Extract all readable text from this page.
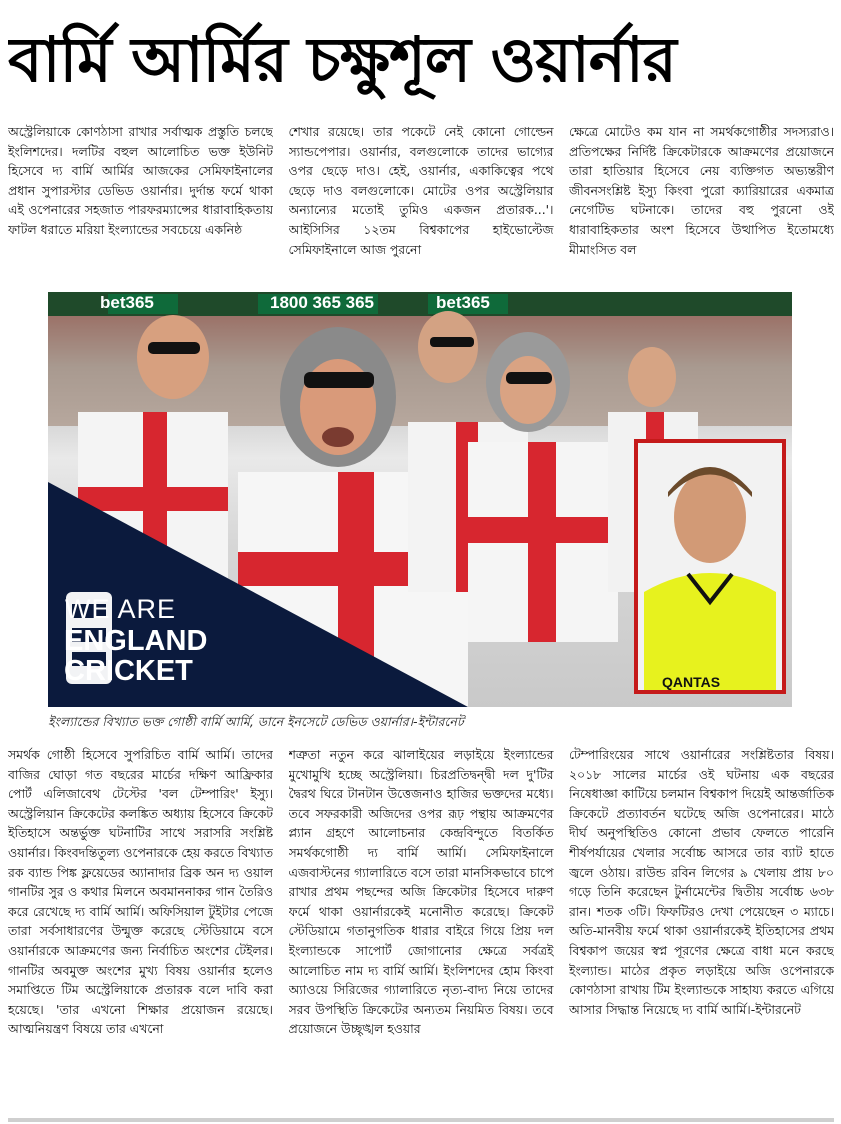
বার্মি আর্মির চক্ষুশূল ওয়ার্নার
অস্ট্রেলিয়াকে কোণঠাসা রাখার সর্বাত্মক প্রস্তুতি চলছে ইংলিশদের। দলটির বহুল আলোচিত ভক্ত ইউনিট হিসেবে দ্য বার্মি আর্মির আজকের সেমিফাইনালের প্রধান সুপারস্টার ডেভিড ওয়ার্নার। দুর্দান্ত ফর্মে থাকা এই ওপেনারের সহজাত পারফরম্যান্সের ধারাবাহিকতায় ফাটল ধরাতে মরিয়া ইংল্যান্ডের সবচেয়ে একনিষ্ঠ
শেখার রয়েছে। তার পকেটে নেই কোনো গোল্ডেন স্যান্ডপেপার। ওয়ার্নার, বলগুলোকে তাদের ভাগ্যের ওপর ছেড়ে দাও। হেই, ওয়ার্নার, একাকিত্বের পথে ছেড়ে দাও বলগুলোকে। মোটের ওপর অস্ট্রেলিয়ার অন্যান্যের মতোই তুমিও একজন প্রতারক...'। আইসিসির ১২তম বিশ্বকাপের হাইভোল্টেজ সেমিফাইনালে আজ পুরনো
ক্ষেত্রে মোটেও কম যান না সমর্থকগোষ্ঠীর সদস্যরাও। প্রতিপক্ষের নির্দিষ্ট ক্রিকেটারকে আক্রমণের প্রয়োজনে তারা হাতিয়ার হিসেবে নেয় ব্যক্তিগত অভ্যন্তরীণ জীবনসংশ্লিষ্ট ইস্যু কিংবা পুরো ক্যারিয়ারের একমাত্র নেগেটিভ ঘটনাকে। তাদের বহু পুরনো ওই ধারাবাহিকতার অংশ হিসেবে উত্থাপিত ইতোমধ্যে মীমাংসিত বল
bet365	1800 365 365	bet365
QANTAS
WE ARE
ENGLAND
CRICKET
ইংল্যান্ডের বিখ্যাত ভক্ত গোষ্ঠী বার্মি আর্মি, ডানে ইনসেটে ডেভিড ওয়ার্নার।-ইন্টারনেট
সমর্থক গোষ্ঠী হিসেবে সুপরিচিত বার্মি আর্মি। তাদের বাজির ঘোড়া গত বছরের মার্চের দক্ষিণ আফ্রিকার পোর্ট এলিজাবেথ টেস্টের 'বল টেম্পারিং' ইস্যু। অস্ট্রেলিয়ান ক্রিকেটের কলঙ্কিত অধ্যায় হিসেবে ক্রিকেট ইতিহাসে অন্তর্ভুক্ত ঘটনাটির সাথে সরাসরি সংশ্লিষ্ট ওয়ার্নার। কিংবদন্তিতুল্য ওপেনারকে হেয় করতে বিখ্যাত রক ব্যান্ড পিঙ্ক ফ্লয়েডের অ্যানাদার ব্রিক অন দ্য ওয়াল গানটির সুর ও কথার মিলনে অবমাননাকর গান তৈরিও করে রেখেছে দ্য বার্মি আর্মি। অফিসিয়াল টুইটার পেজে তারা সর্বসাধারণের উন্মুক্ত করেছে স্টেডিয়ামে বসে ওয়ার্নারকে আক্রমণের জন্য নির্বাচিত অংশের টেইলর। গানটির অবমুক্ত অংশের মুখ্য বিষয় ওয়ার্নার হলেও সমাপ্তিতে টিম অস্ট্রেলিয়াকে প্রতারক বলে দাবি করা হয়েছে। 'তার এখনো শিক্ষার প্রয়োজন রয়েছে। আত্মনিয়ন্ত্রণ বিষয়ে তার এখনো
শত্রুতা নতুন করে ঝালাইয়ের লড়াইয়ে ইংল্যান্ডের মুখোমুখি হচ্ছে অস্ট্রেলিয়া। চিরপ্রতিদ্বন্দ্বী দল দু'টির দ্বৈরথ ঘিরে টানটান উত্তেজনাও হাজির ভক্তদের মধ্যে। তবে সফরকারী অজিদের ওপর রূঢ় পন্থায় আক্রমণের প্ল্যান গ্রহণে আলোচনার কেন্দ্রবিন্দুতে বিতর্কিত সমর্থকগোষ্ঠী দ্য বার্মি আর্মি। সেমিফাইনালে এজবাস্টনের গ্যালারিতে বসে তারা মানসিকভাবে চাপে রাখার প্রথম পছন্দের অজি ক্রিকেটার হিসেবে দারুণ ফর্মে থাকা ওয়ার্নারকেই মনোনীত করেছে। ক্রিকেট স্টেডিয়ামে গতানুগতিক ধারার বাইরে গিয়ে প্রিয় দল ইংল্যান্ডকে সাপোর্ট জোগানোর ক্ষেত্রে সর্বত্রই আলোচিত নাম দ্য বার্মি আর্মি। ইংলিশদের হোম কিংবা অ্যাওয়ে সিরিজের গ্যালারিতে নৃত্য-বাদ্য নিয়ে তাদের সরব উপস্থিতি ক্রিকেটের অন্যতম নিয়মিত বিষয়। তবে প্রয়োজনে উচ্ছৃঙ্খল হওয়ার
টেম্পারিংয়ের সাথে ওয়ার্নারের সংশ্লিষ্টতার বিষয়। ২০১৮ সালের মার্চের ওই ঘটনায় এক বছরের নিষেধাজ্ঞা কাটিয়ে চলমান বিশ্বকাপ দিয়েই আন্তর্জাতিক ক্রিকেটে প্রত্যাবর্তন ঘটেছে অজি ওপেনারের। মাঠে দীর্ঘ অনুপস্থিতিও কোনো প্রভাব ফেলতে পারেনি শীর্ষপর্যায়ের খেলার সর্বোচ্চ আসরে তার ব্যাট হাতে জ্বলে ওঠায়। রাউন্ড রবিন লিগের ৯ খেলায় প্রায় ৮০ গড়ে তিনি করেছেন টুর্নামেন্টের দ্বিতীয় সর্বোচ্চ ৬৩৮ রান। শতক ৩টি। ফিফটিরও দেখা পেয়েছেন ৩ ম্যাচে। অতি-মানবীয় ফর্মে থাকা ওয়ার্নারকেই ইতিহাসের প্রথম বিশ্বকাপ জয়ের স্বপ্ন পূরণের ক্ষেত্রে বাধা মনে করছে ইংল্যান্ড। মাঠের প্রকৃত লড়াইয়ে অজি ওপেনারকে কোণঠাসা রাখায় টিম ইংল্যান্ডকে সাহায্য করতে এগিয়ে আসার সিদ্ধান্ত নিয়েছে দ্য বার্মি আর্মি।-ইন্টারনেট
